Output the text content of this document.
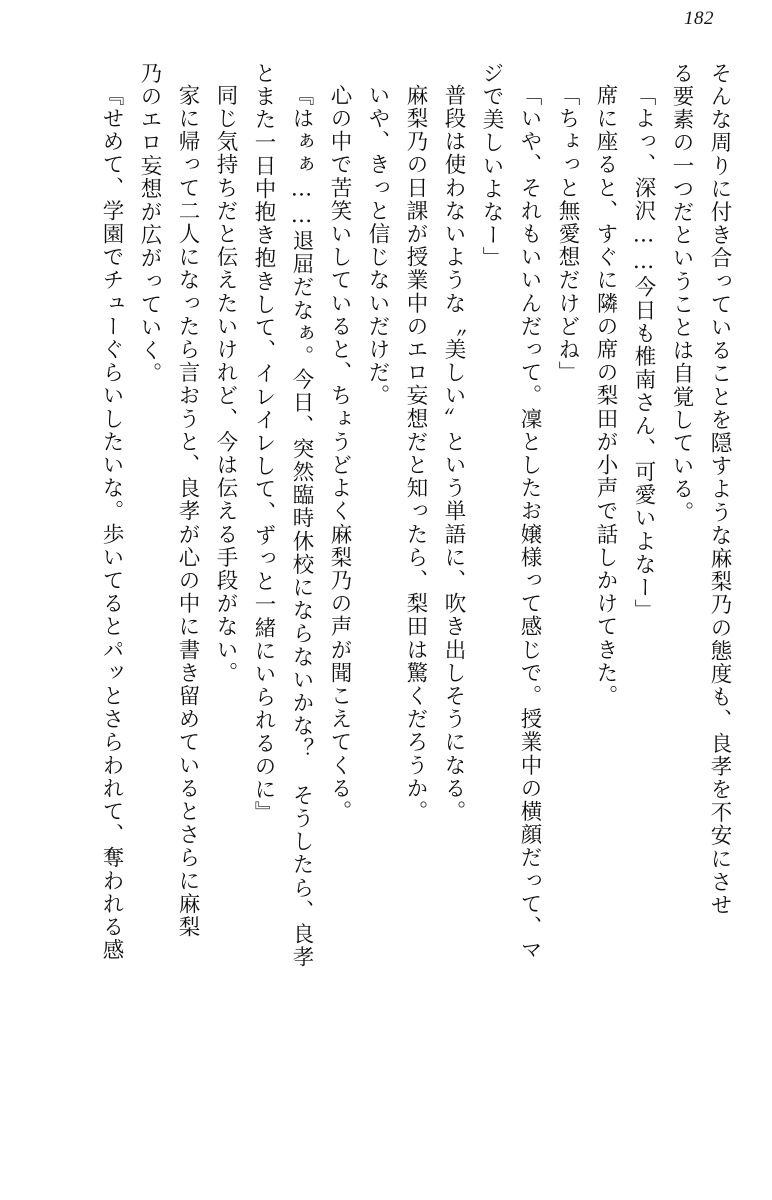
182
そんな周りに付き合っていることを隠すような麻梨乃の態度も、良孝を不安にさせ
る要素の一つだということは自覚している。
「よっ、深沢……今日も椎南さん、可愛いよなー」
席に座ると、すぐに隣の席の梨田が小声で話しかけてきた。
「ちょっと無愛想だけどね」
「いや、それもいいんだって。凜としたお嬢様って感じで。授業中の横顔だって、マ
ジで美しいよなー」
普段は使わないような〝美しい〟という単語に、吹き出しそうになる。
麻梨乃の日課が授業中のエロ妄想だと知ったら、梨田は驚くだろうか。
いや、きっと信じないだけだ。
心の中で苦笑いしていると、ちょうどよく麻梨乃の声が聞こえてくる。
『はぁぁ……退屈だなぁ。今日、突然臨時休校にならないかな？　そうしたら、良孝
とまた一日中抱き抱きして、イレイレして、ずっと一緒にいられるのに』
同じ気持ちだと伝えたいけれど、今は伝える手段がない。
家に帰って二人になったら言おうと、良孝が心の中に書き留めているとさらに麻梨
乃のエロ妄想が広がっていく。
『せめて、学園でチューぐらいしたいな。歩いてるとパッとさらわれて、奪われる感
